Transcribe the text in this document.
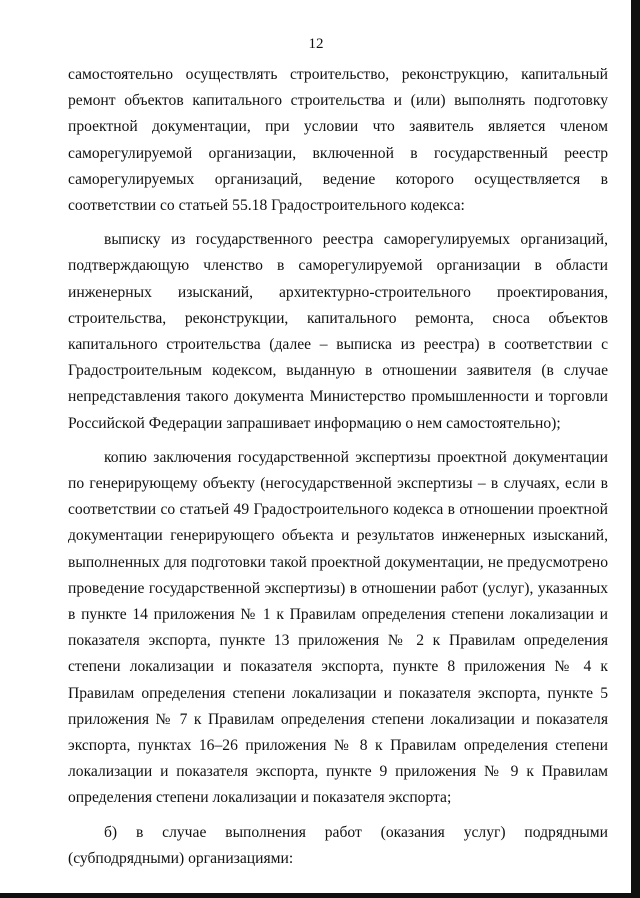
12

самостоятельно осуществлять строительство, реконструкцию, капитальный ремонт объектов капитального строительства и (или) выполнять подготовку проектной документации, при условии что заявитель является членом саморегулируемой организации, включенной в государственный реестр саморегулируемых организаций, ведение которого осуществляется в соответствии со статьей 55.18 Градостроительного кодекса:

выписку из государственного реестра саморегулируемых организаций, подтверждающую членство в саморегулируемой организации в области инженерных изысканий, архитектурно-строительного проектирования, строительства, реконструкции, капитального ремонта, сноса объектов капитального строительства (далее – выписка из реестра) в соответствии с Градостроительным кодексом, выданную в отношении заявителя (в случае непредставления такого документа Министерство промышленности и торговли Российской Федерации запрашивает информацию о нем самостоятельно);

копию заключения государственной экспертизы проектной документации по генерирующему объекту (негосударственной экспертизы – в случаях, если в соответствии со статьей 49 Градостроительного кодекса в отношении проектной документации генерирующего объекта и результатов инженерных изысканий, выполненных для подготовки такой проектной документации, не предусмотрено проведение государственной экспертизы) в отношении работ (услуг), указанных в пункте 14 приложения № 1 к Правилам определения степени локализации и показателя экспорта, пункте 13 приложения № 2 к Правилам определения степени локализации и показателя экспорта, пункте 8 приложения № 4 к Правилам определения степени локализации и показателя экспорта, пункте 5 приложения № 7 к Правилам определения степени локализации и показателя экспорта, пунктах 16–26 приложения № 8 к Правилам определения степени локализации и показателя экспорта, пункте 9 приложения № 9 к Правилам определения степени локализации и показателя экспорта;

б) в случае выполнения работ (оказания услуг) подрядными (субподрядными) организациями:
